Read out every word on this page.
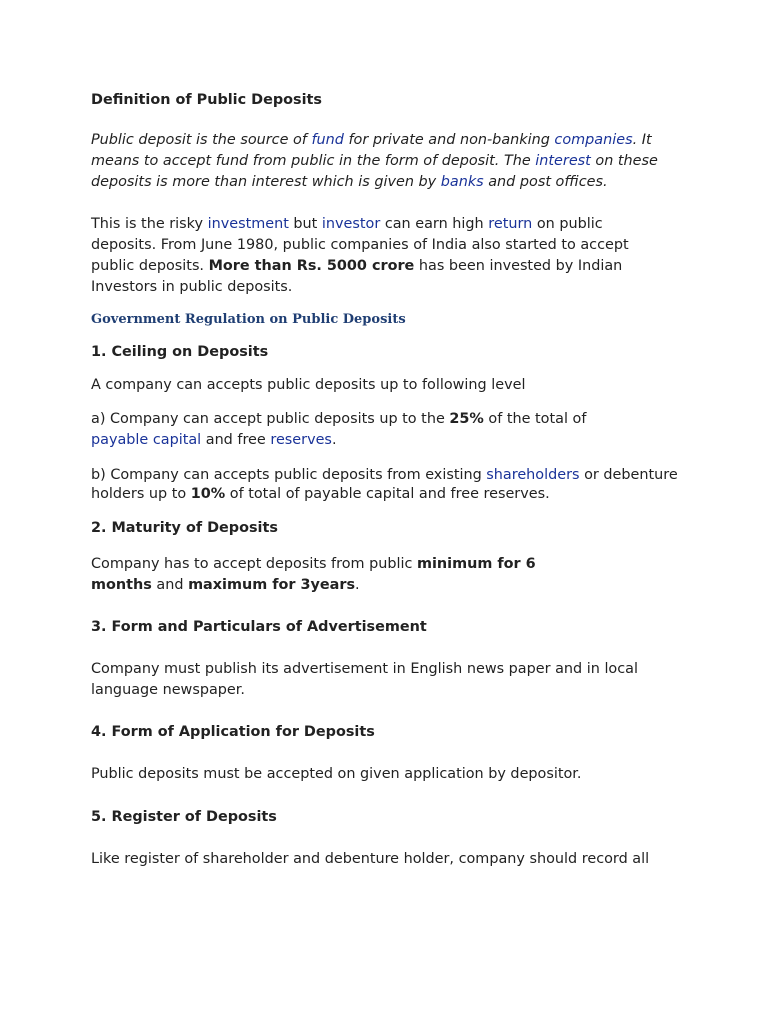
Definition of Public Deposits

Public deposit is the source of fund for private and non-banking companies. It means to accept fund from public in the form of deposit. The interest on these deposits is more than interest which is given by banks and post offices.

This is the risky investment but investor can earn high return on public deposits. From June 1980, public companies of India also started to accept public deposits. More than Rs. 5000 crore has been invested by Indian Investors in public deposits.

Government Regulation on Public Deposits
1. Ceiling on Deposits

A company can accepts public deposits up to following level

a) Company can accept public deposits up to the 25% of the total of payable capital and free reserves.

b) Company can accepts public deposits from existing shareholders or debenture holders up to 10% of total of payable capital and free reserves.

2. Maturity of Deposits

Company has to accept deposits from public minimum for 6 months and maximum for 3years.

3. Form and Particulars of Advertisement

Company must publish its advertisement in English news paper and in local language newspaper.

4. Form of Application for Deposits

Public deposits must be accepted on given application by depositor.

5. Register of Deposits

Like register of shareholder and debenture holder, company should record all
